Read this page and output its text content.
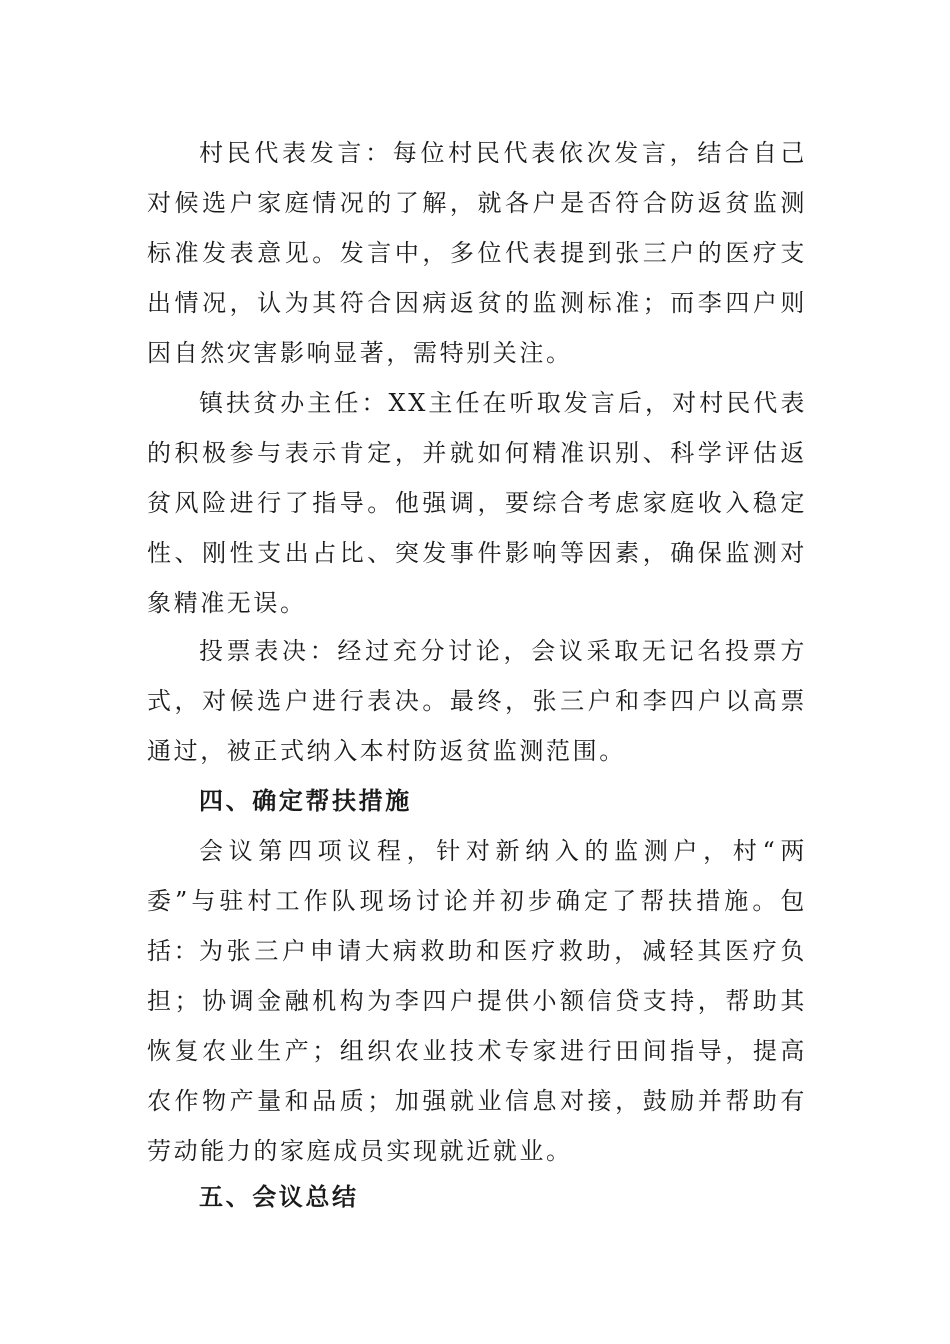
村民代表发言：每位村民代表依次发言，结合自己对候选户家庭情况的了解，就各户是否符合防返贫监测标准发表意见。发言中，多位代表提到张三户的医疗支出情况，认为其符合因病返贫的监测标准；而李四户则因自然灾害影响显著，需特别关注。

镇扶贫办主任：XX主任在听取发言后，对村民代表的积极参与表示肯定，并就如何精准识别、科学评估返贫风险进行了指导。他强调，要综合考虑家庭收入稳定性、刚性支出占比、突发事件影响等因素，确保监测对象精准无误。

投票表决：经过充分讨论，会议采取无记名投票方式，对候选户进行表决。最终，张三户和李四户以高票通过，被正式纳入本村防返贫监测范围。

四、确定帮扶措施

会议第四项议程，针对新纳入的监测户，村“两委”与驻村工作队现场讨论并初步确定了帮扶措施。包括：

为张三户申请大病救助和医疗救助，减轻其医疗负担；协调金融机构为李四户提供小额信贷支持，帮助其恢复农业生产；组织农业技术专家进行田间指导，提高农作物产量和品质；加强就业信息对接，鼓励并帮助有劳动能力的家庭成员实现就近就业。

五、会议总结
